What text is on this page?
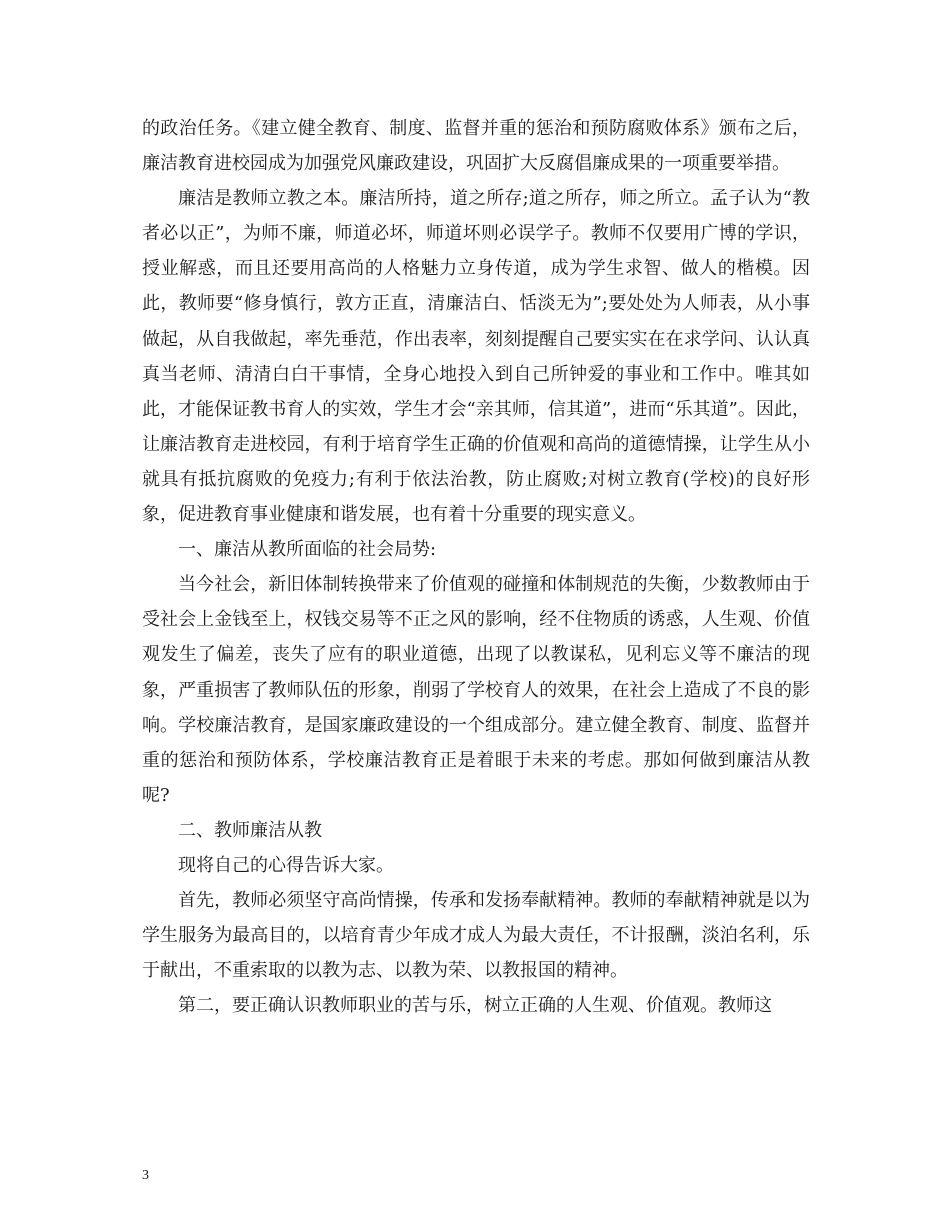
的政治任务。《建立健全教育、制度、监督并重的惩治和预防腐败体系》颁布之后，廉洁教育进校园成为加强党风廉政建设，巩固扩大反腐倡廉成果的一项重要举措。

廉洁是教师立教之本。廉洁所持，道之所存;道之所存，师之所立。孟子认为“教者必以正”，为师不廉，师道必坏，师道坏则必误学子。教师不仅要用广博的学识，授业解惑，而且还要用高尚的人格魅力立身传道，成为学生求智、做人的楷模。因此，教师要“修身慎行，敦方正直，清廉洁白、恬淡无为”;要处处为人师表，从小事做起，从自我做起，率先垂范，作出表率，刻刻提醒自己要实实在在求学问、认认真真当老师、清清白白干事情，全身心地投入到自己所钟爱的事业和工作中。唯其如此，才能保证教书育人的实效，学生才会“亲其师，信其道”，进而“乐其道”。因此，让廉洁教育走进校园，有利于培育学生正确的价值观和高尚的道德情操，让学生从小就具有抵抗腐败的免疫力;有利于依法治教，防止腐败;对树立教育(学校)的良好形象，促进教育事业健康和谐发展，也有着十分重要的现实意义。

一、廉洁从教所面临的社会局势:

当今社会，新旧体制转换带来了价值观的碰撞和体制规范的失衡，少数教师由于受社会上金钱至上，权钱交易等不正之风的影响，经不住物质的诱惑，人生观、价值观发生了偏差，丧失了应有的职业道德，出现了以教谋私，见利忘义等不廉洁的现象，严重损害了教师队伍的形象，削弱了学校育人的效果，在社会上造成了不良的影响。学校廉洁教育，是国家廉政建设的一个组成部分。建立健全教育、制度、监督并重的惩治和预防体系，学校廉洁教育正是着眼于未来的考虑。那如何做到廉洁从教呢?

二、教师廉洁从教

现将自己的心得告诉大家。

首先，教师必须坚守高尚情操，传承和发扬奉献精神。教师的奉献精神就是以为学生服务为最高目的，以培育青少年成才成人为最大责任，不计报酬，淡泊名利，乐于献出，不重索取的以教为志、以教为荣、以教报国的精神。

第二，要正确认识教师职业的苦与乐，树立正确的人生观、价值观。教师这

3
